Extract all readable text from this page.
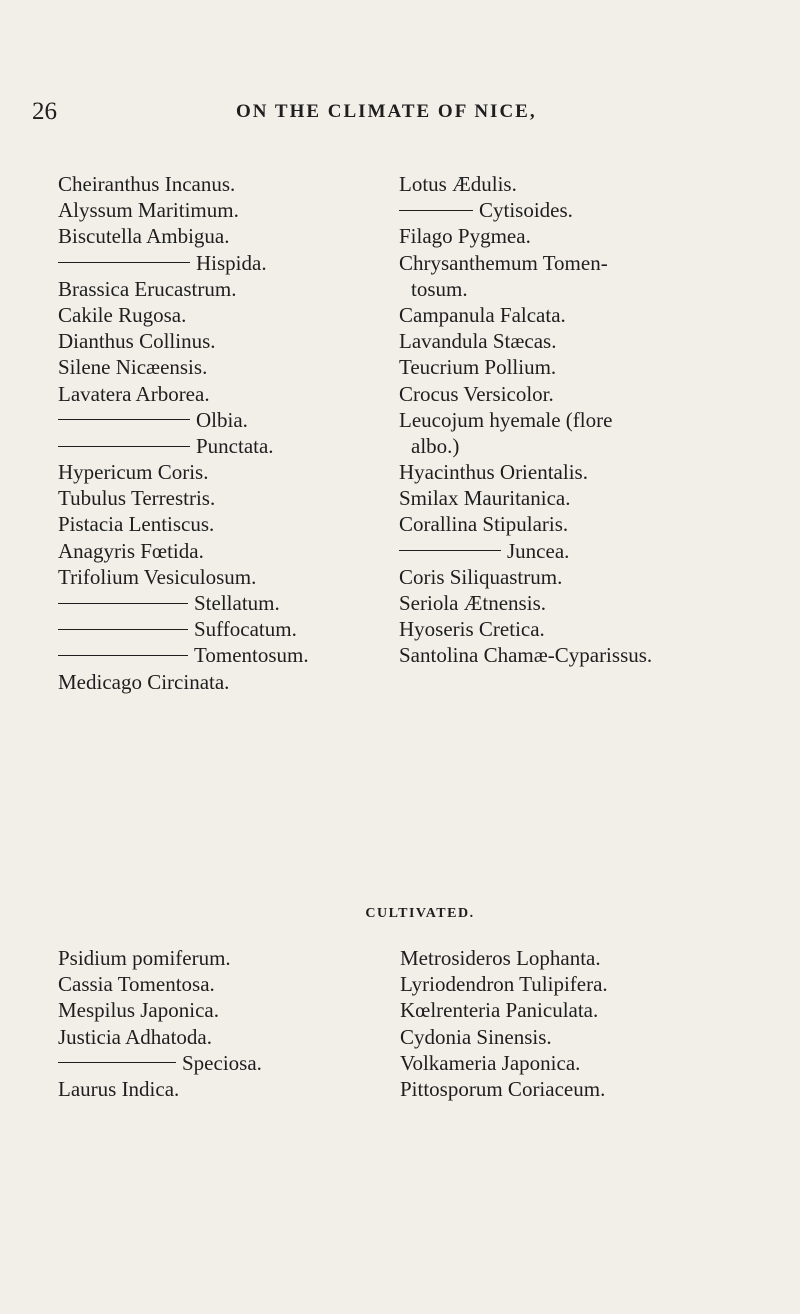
26	ON THE CLIMATE OF NICE,
Cheiranthus Incanus.
Alyssum Maritimum.
Biscutella Ambigua.
Hispida.
Brassica Erucastrum.
Cakile Rugosa.
Dianthus Collinus.
Silene Nicæensis.
Lavatera Arborea.
Olbia.
Punctata.
Hypericum Coris.
Tubulus Terrestris.
Pistacia Lentiscus.
Anagyris Fœtida.
Trifolium Vesiculosum.
Stellatum.
Suffocatum.
Tomentosum.
Medicago Circinata.
Lotus Ædulis.
Cytisoides.
Filago Pygmea.
Chrysanthemum Tomen-
tosum.
Campanula Falcata.
Lavandula Stæcas.
Teucrium Pollium.
Crocus Versicolor.
Leucojum hyemale (flore
albo.)
Hyacinthus Orientalis.
Smilax Mauritanica.
Corallina Stipularis.
Juncea.
Coris Siliquastrum.
Seriola Ætnensis.
Hyoseris Cretica.
Santolina Chamæ-Cyparissus.
CULTIVATED.
Psidium pomiferum.
Cassia Tomentosa.
Mespilus Japonica.
Justicia Adhatoda.
Speciosa.
Laurus Indica.
Metrosideros Lophanta.
Lyriodendron Tulipifera.
Kœlrenteria Paniculata.
Cydonia Sinensis.
Volkameria Japonica.
Pittosporum Coriaceum.
